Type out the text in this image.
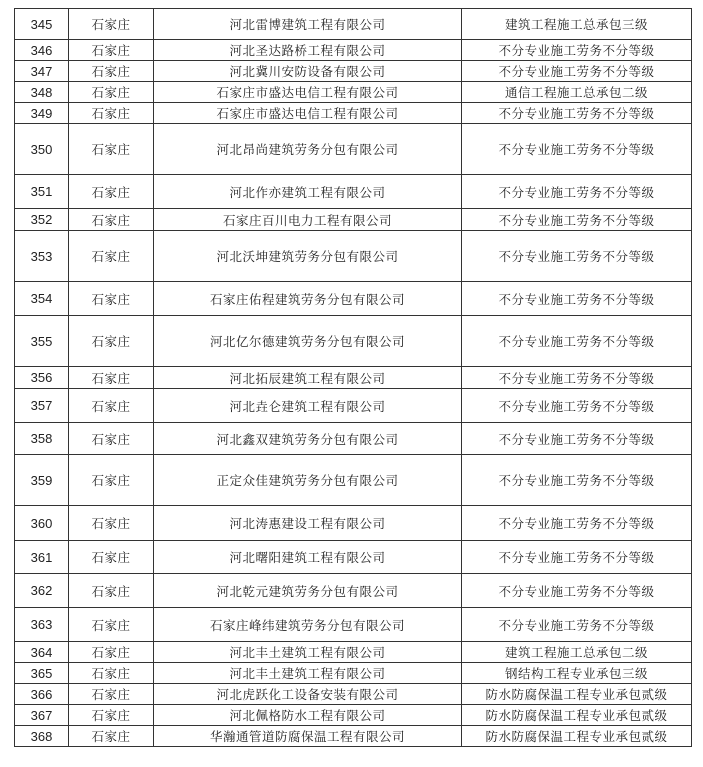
345	石家庄	河北雷博建筑工程有限公司	建筑工程施工总承包三级
346	石家庄	河北圣达路桥工程有限公司	不分专业施工劳务不分等级
347	石家庄	河北冀川安防设备有限公司	不分专业施工劳务不分等级
348	石家庄	石家庄市盛达电信工程有限公司	通信工程施工总承包二级
349	石家庄	石家庄市盛达电信工程有限公司	不分专业施工劳务不分等级
350	石家庄	河北昂尚建筑劳务分包有限公司	不分专业施工劳务不分等级
351	石家庄	河北作亦建筑工程有限公司	不分专业施工劳务不分等级
352	石家庄	石家庄百川电力工程有限公司	不分专业施工劳务不分等级
353	石家庄	河北沃坤建筑劳务分包有限公司	不分专业施工劳务不分等级
354	石家庄	石家庄佑程建筑劳务分包有限公司	不分专业施工劳务不分等级
355	石家庄	河北亿尔德建筑劳务分包有限公司	不分专业施工劳务不分等级
356	石家庄	河北拓辰建筑工程有限公司	不分专业施工劳务不分等级
357	石家庄	河北垚仑建筑工程有限公司	不分专业施工劳务不分等级
358	石家庄	河北鑫双建筑劳务分包有限公司	不分专业施工劳务不分等级
359	石家庄	正定众佳建筑劳务分包有限公司	不分专业施工劳务不分等级
360	石家庄	河北涛惠建设工程有限公司	不分专业施工劳务不分等级
361	石家庄	河北曙阳建筑工程有限公司	不分专业施工劳务不分等级
362	石家庄	河北乾元建筑劳务分包有限公司	不分专业施工劳务不分等级
363	石家庄	石家庄峰纬建筑劳务分包有限公司	不分专业施工劳务不分等级
364	石家庄	河北丰土建筑工程有限公司	建筑工程施工总承包二级
365	石家庄	河北丰土建筑工程有限公司	钢结构工程专业承包三级
366	石家庄	河北虎跃化工设备安装有限公司	防水防腐保温工程专业承包贰级
367	石家庄	河北佩格防水工程有限公司	防水防腐保温工程专业承包贰级
368	石家庄	华瀚通管道防腐保温工程有限公司	防水防腐保温工程专业承包贰级
